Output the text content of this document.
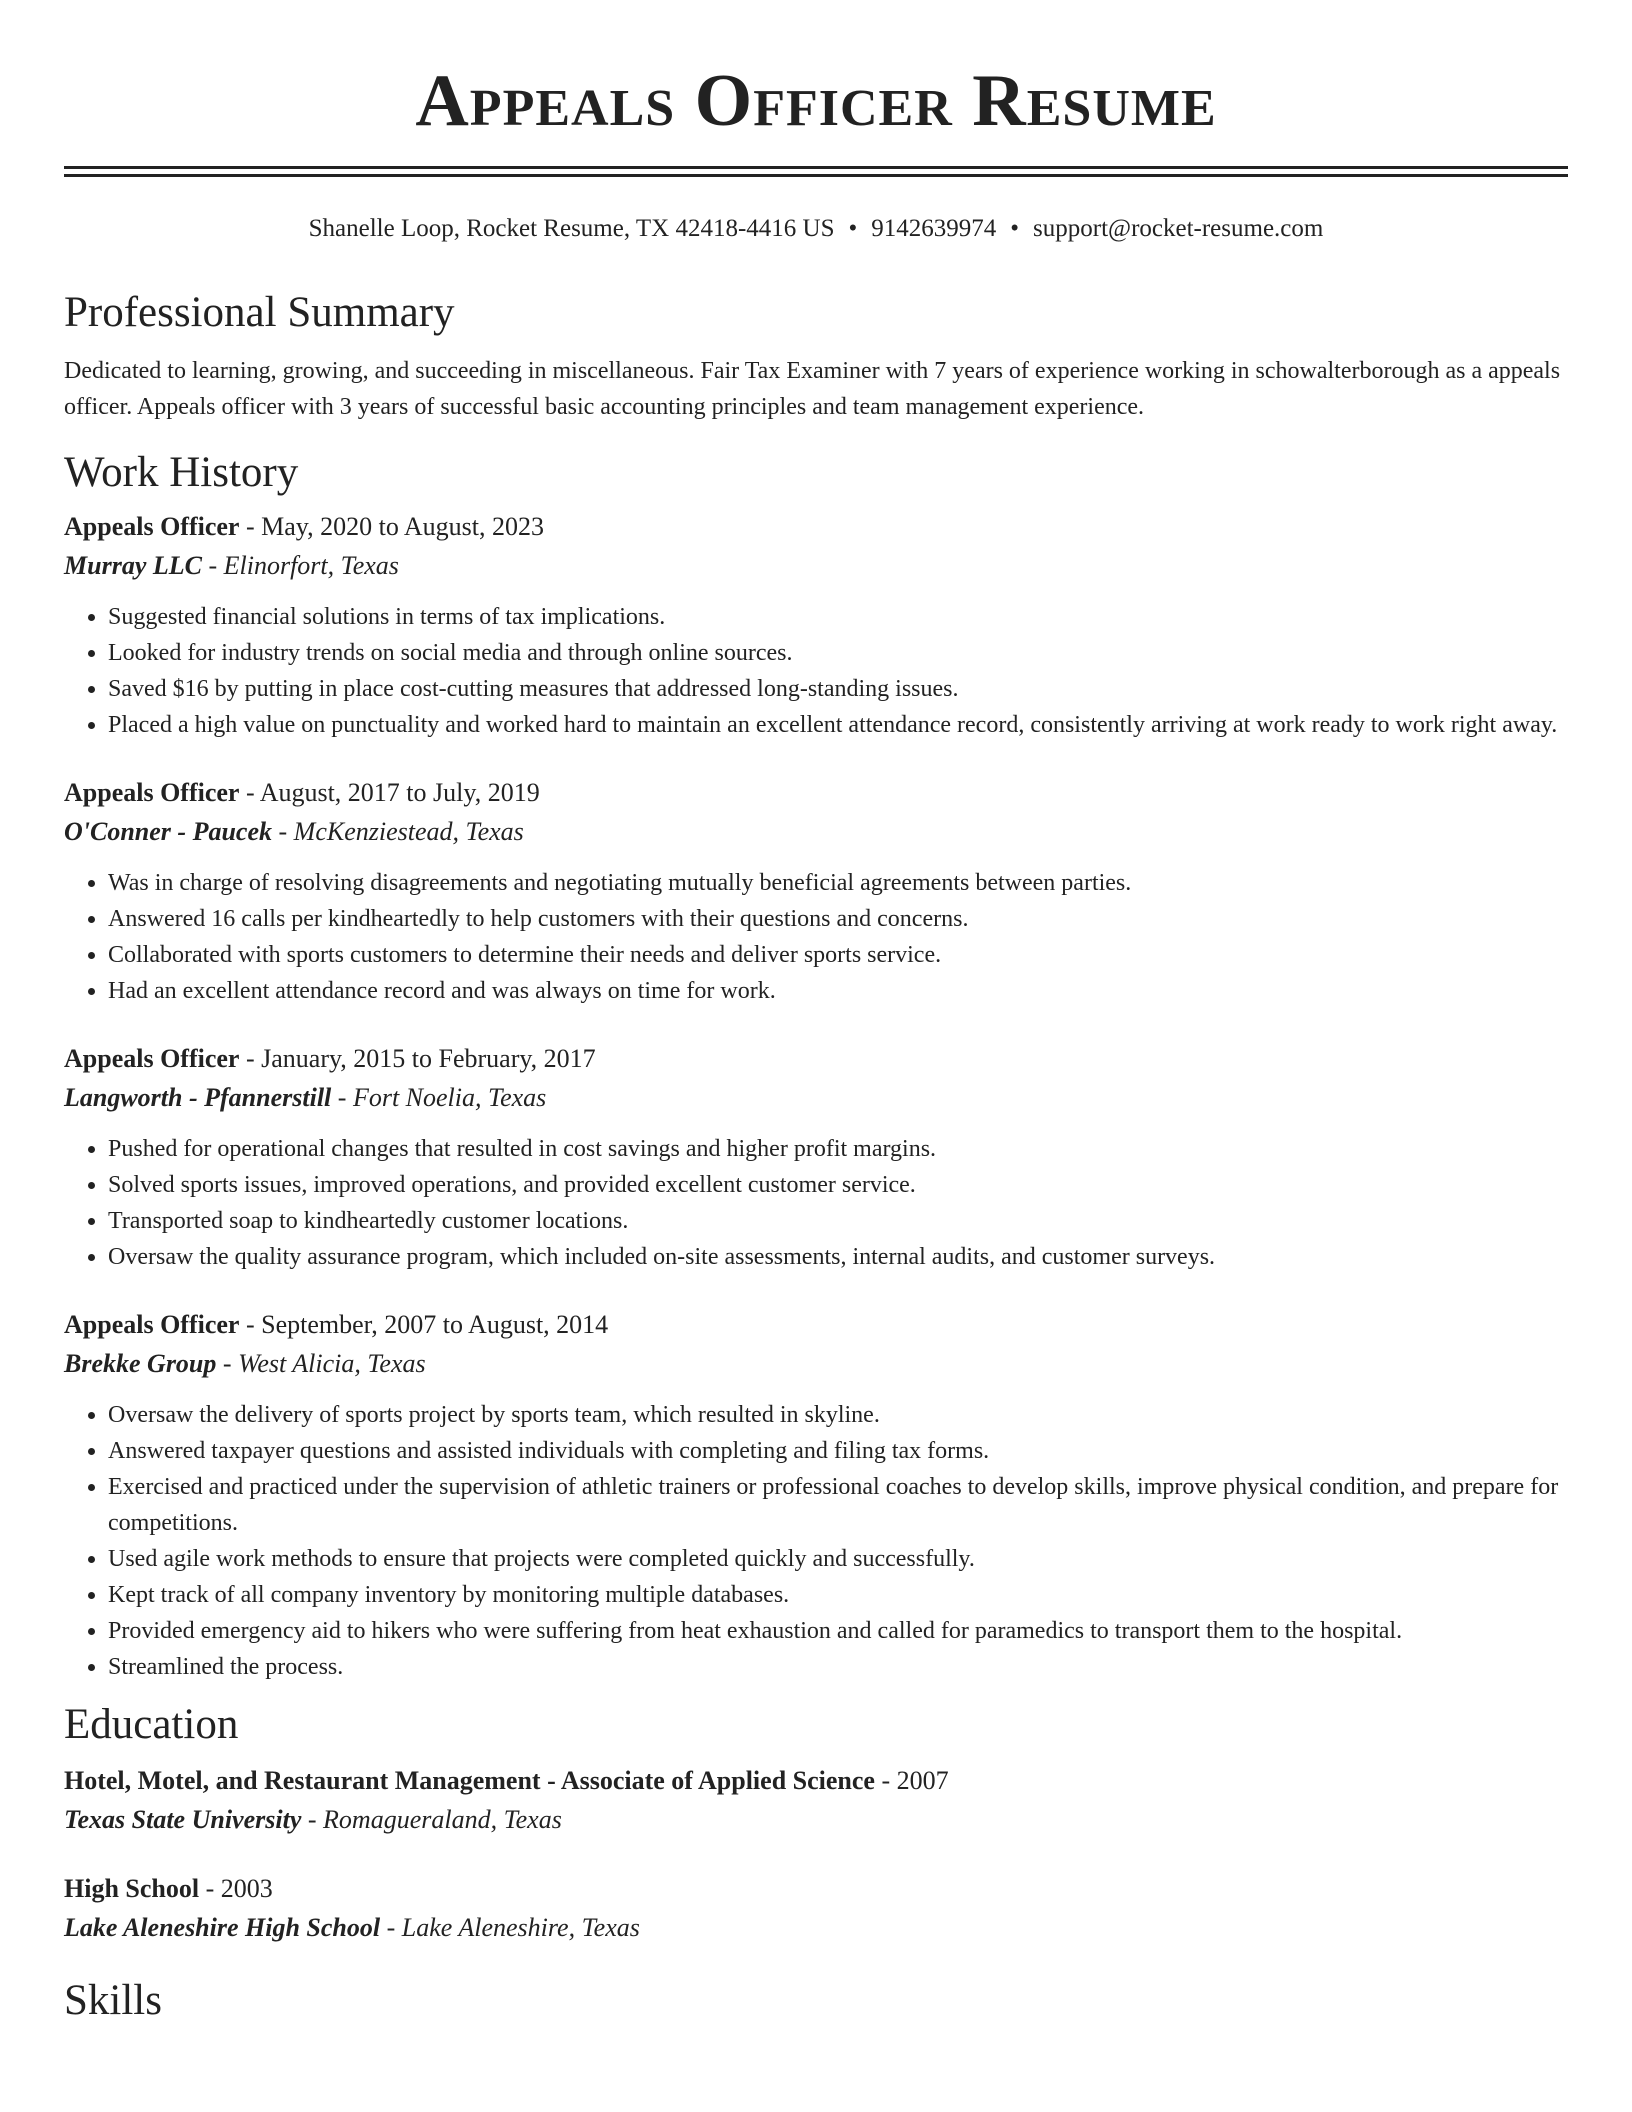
Appeals Officer Resume
Shanelle Loop, Rocket Resume, TX 42418-4416 US • 9142639974 • support@rocket-resume.com
Professional Summary

Dedicated to learning, growing, and succeeding in miscellaneous. Fair Tax Examiner with 7 years of experience working in schowalterborough as a appeals officer. Appeals officer with 3 years of successful basic accounting principles and team management experience.

Work History
Appeals Officer - May, 2020 to August, 2023
Murray LLC - Elinorfort, Texas
• Suggested financial solutions in terms of tax implications.
• Looked for industry trends on social media and through online sources.
• Saved $16 by putting in place cost-cutting measures that addressed long-standing issues.
• Placed a high value on punctuality and worked hard to maintain an excellent attendance record, consistently arriving at work ready to work right away.
Appeals Officer - August, 2017 to July, 2019
O'Conner - Paucek - McKenziestead, Texas
• Was in charge of resolving disagreements and negotiating mutually beneficial agreements between parties.
• Answered 16 calls per kindheartedly to help customers with their questions and concerns.
• Collaborated with sports customers to determine their needs and deliver sports service.
• Had an excellent attendance record and was always on time for work.
Appeals Officer - January, 2015 to February, 2017
Langworth - Pfannerstill - Fort Noelia, Texas
• Pushed for operational changes that resulted in cost savings and higher profit margins.
• Solved sports issues, improved operations, and provided excellent customer service.
• Transported soap to kindheartedly customer locations.
• Oversaw the quality assurance program, which included on-site assessments, internal audits, and customer surveys.
Appeals Officer - September, 2007 to August, 2014
Brekke Group - West Alicia, Texas
• Oversaw the delivery of sports project by sports team, which resulted in skyline.
• Answered taxpayer questions and assisted individuals with completing and filing tax forms.
• Exercised and practiced under the supervision of athletic trainers or professional coaches to develop skills, improve physical condition, and prepare for competitions.
• Used agile work methods to ensure that projects were completed quickly and successfully.
• Kept track of all company inventory by monitoring multiple databases.
• Provided emergency aid to hikers who were suffering from heat exhaustion and called for paramedics to transport them to the hospital.
• Streamlined the process.
Education
Hotel, Motel, and Restaurant Management - Associate of Applied Science - 2007
Texas State University - Romagueraland, Texas
High School - 2003
Lake Aleneshire High School - Lake Aleneshire, Texas
Skills
